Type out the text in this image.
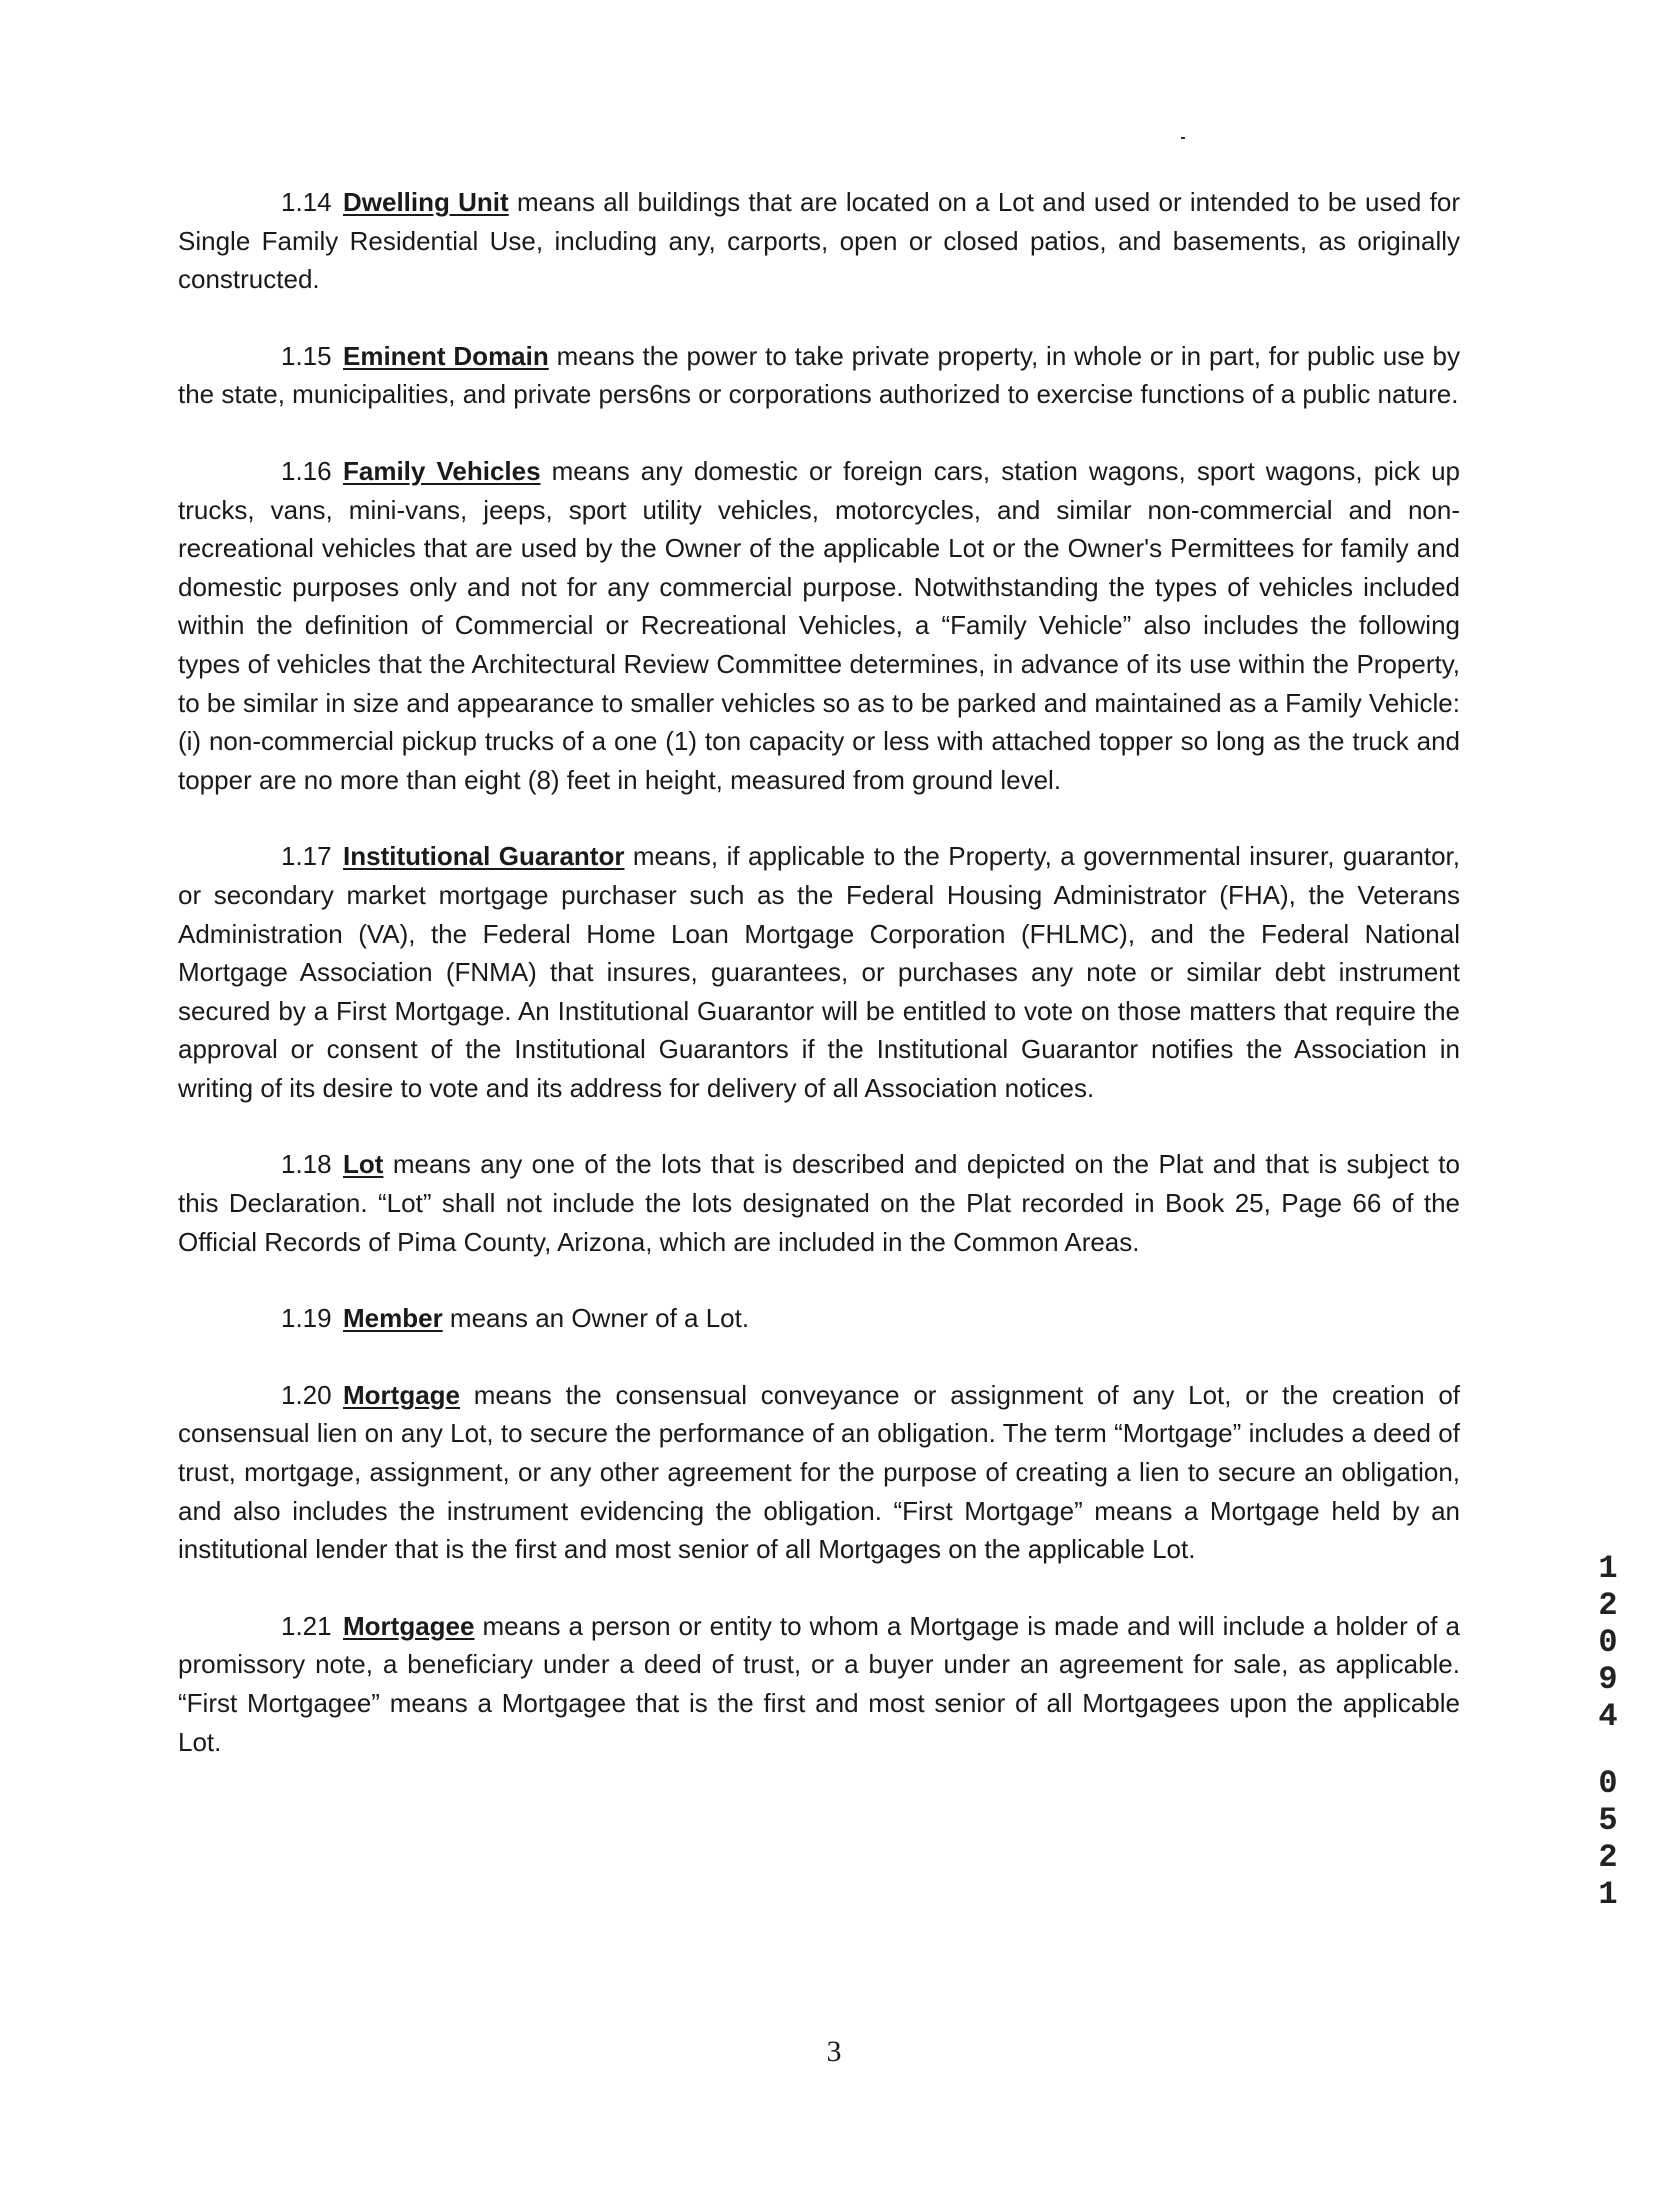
1.14 Dwelling Unit means all buildings that are located on a Lot and used or intended to be used for Single Family Residential Use, including any, carports, open or closed patios, and basements, as originally constructed.

1.15 Eminent Domain means the power to take private property, in whole or in part, for public use by the state, municipalities, and private pers6ns or corporations authorized to exercise functions of a public nature.

1.16 Family Vehicles means any domestic or foreign cars, station wagons, sport wagons, pick up trucks, vans, mini-vans, jeeps, sport utility vehicles, motorcycles, and similar non-commercial and non-recreational vehicles that are used by the Owner of the applicable Lot or the Owner's Permittees for family and domestic purposes only and not for any commercial purpose. Notwithstanding the types of vehicles included within the definition of Commercial or Recreational Vehicles, a “Family Vehicle” also includes the following types of vehicles that the Architectural Review Committee determines, in advance of its use within the Property, to be similar in size and appearance to smaller vehicles so as to be parked and maintained as a Family Vehicle: (i) non-commercial pickup trucks of a one (1) ton capacity or less with attached topper so long as the truck and topper are no more than eight (8) feet in height, measured from ground level.

1.17 Institutional Guarantor means, if applicable to the Property, a governmental insurer, guarantor, or secondary market mortgage purchaser such as the Federal Housing Administrator (FHA), the Veterans Administration (VA), the Federal Home Loan Mortgage Corporation (FHLMC), and the Federal National Mortgage Association (FNMA) that insures, guarantees, or purchases any note or similar debt instrument secured by a First Mortgage. An Institutional Guarantor will be entitled to vote on those matters that require the approval or consent of the Institutional Guarantors if the Institutional Guarantor notifies the Association in writing of its desire to vote and its address for delivery of all Association notices.

1.18 Lot means any one of the lots that is described and depicted on the Plat and that is subject to this Declaration. “Lot” shall not include the lots designated on the Plat recorded in Book 25, Page 66 of the Official Records of Pima County, Arizona, which are included in the Common Areas.

1.19 Member means an Owner of a Lot.

1.20 Mortgage means the consensual conveyance or assignment of any Lot, or the creation of consensual lien on any Lot, to secure the performance of an obligation. The term “Mortgage” includes a deed of trust, mortgage, assignment, or any other agreement for the purpose of creating a lien to secure an obligation, and also includes the instrument evidencing the obligation. “First Mortgage” means a Mortgage held by an institutional lender that is the first and most senior of all Mortgages on the applicable Lot.

1.21 Mortgagee means a person or entity to whom a Mortgage is made and will include a holder of a promissory note, a beneficiary under a deed of trust, or a buyer under an agreement for sale, as applicable. “First Mortgagee” means a Mortgagee that is the first and most senior of all Mortgagees upon the applicable Lot.

1
2
0
9
4
0
5
2
1
3
